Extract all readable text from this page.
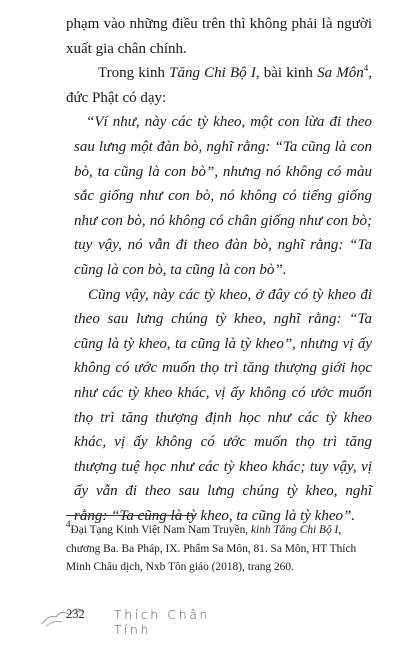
phạm vào những điều trên thì không phải là người xuất gia chân chính.

Trong kinh Tăng Chi Bộ I, bài kinh Sa Môn$^4$, đức Phật có dạy:

“Ví như, này các tỳ kheo, một con lừa đi theo sau lưng một đàn bò, nghĩ rằng: “Ta cũng là con bò, ta cũng là con bò”, nhưng nó không có màu sắc giống như con bò, nó không có tiếng giống như con bò, nó không có chân giống như con bò; tuy vậy, nó vẫn đi theo đàn bò, nghĩ rằng: “Ta cũng là con bò, ta cũng là con bò”.

Cũng vậy, này các tỳ kheo, ở đây có tỳ kheo đi theo sau lưng chúng tỳ kheo, nghĩ rằng: “Ta cũng là tỳ kheo, ta cũng là tỳ kheo”, nhưng vị ấy không có ước muốn thọ trì tăng thượng giới học như các tỳ kheo khác, vị ấy không có ước muốn thọ trì tăng thượng định học như các tỳ kheo khác, vị ấy không có ước muốn thọ trì tăng thượng tuệ học như các tỳ kheo khác; tuy vậy, vị ấy vẫn đi theo sau lưng chúng tỳ kheo, nghĩ rằng: “Ta cũng là tỳ kheo, ta cũng là tỳ kheo”.

$^4$Đại Tạng Kinh Việt Nam Nam Truyền, kinh Tăng Chi Bộ I, chương Ba. Ba Pháp, IX. Phẩm Sa Môn, 81. Sa Môn, HT Thích Minh Châu dịch, Nxb Tôn giáo (2018), trang 260.

232 Thích Chân Tính
